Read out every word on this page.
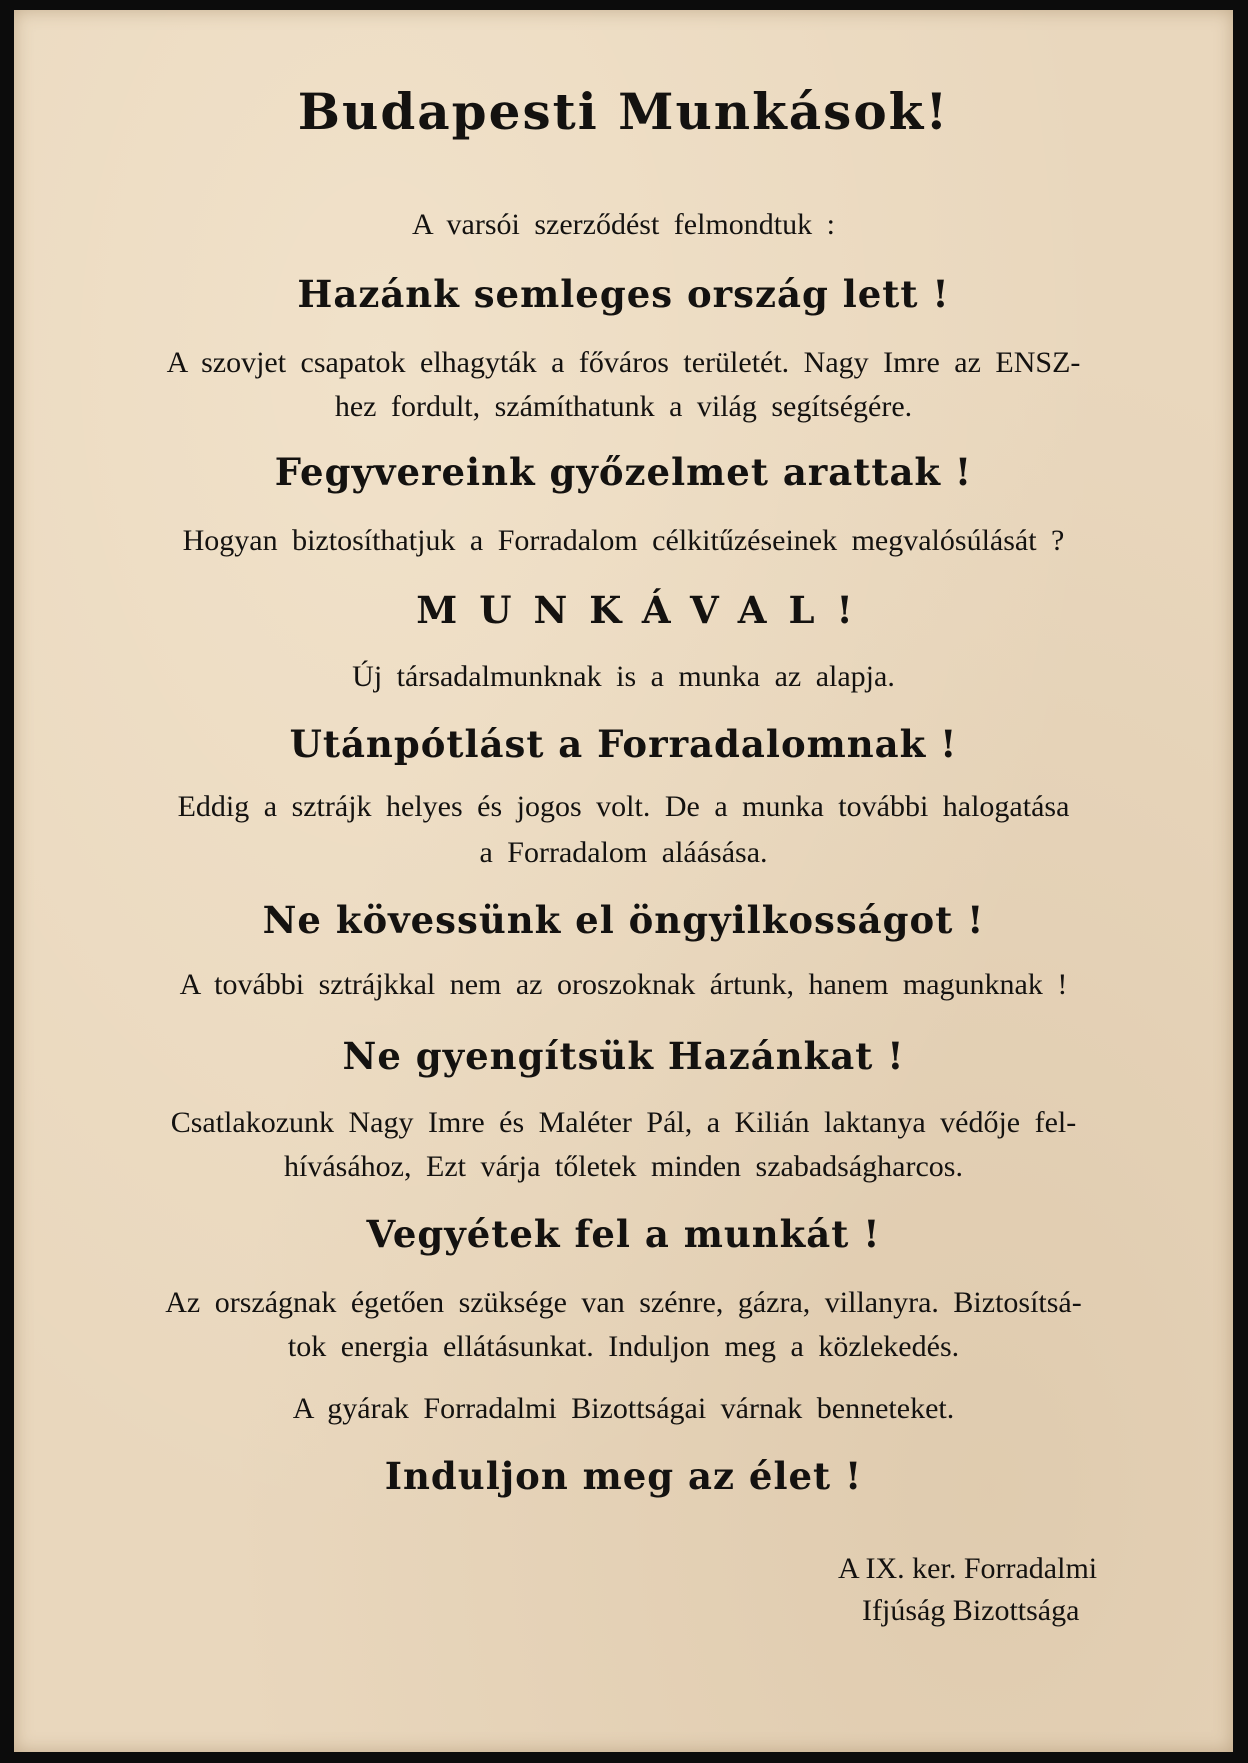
Budapesti Munkások!
A varsói szerződést felmondtuk :
Hazánk semleges ország lett !
A szovjet csapatok elhagyták a főváros területét. Nagy Imre az ENSZ-
hez fordult, számíthatunk a világ segítségére.
Fegyvereink győzelmet arattak !
Hogyan biztosíthatjuk a Forradalom célkitűzéseinek megvalósúlását ?
MUNKÁVAL!
Új társadalmunknak is a munka az alapja.
Utánpótlást a Forradalomnak !
Eddig a sztrájk helyes és jogos volt. De a munka további halogatása
a Forradalom aláásása.
Ne kövessünk el öngyilkosságot !
A további sztrájkkal nem az oroszoknak ártunk, hanem magunknak !
Ne gyengítsük Hazánkat !
Csatlakozunk Nagy Imre és Maléter Pál, a Kilián laktanya védője fel-
hívásához, Ezt várja tőletek minden szabadságharcos.
Vegyétek fel a munkát !
Az országnak égetően szüksége van szénre, gázra, villanyra. Biztosítsá-
tok energia ellátásunkat. Induljon meg a közlekedés.
A gyárak Forradalmi Bizottságai várnak benneteket.
Induljon meg az élet !
A IX. ker. Forradalmi
Ifjúság Bizottsága
